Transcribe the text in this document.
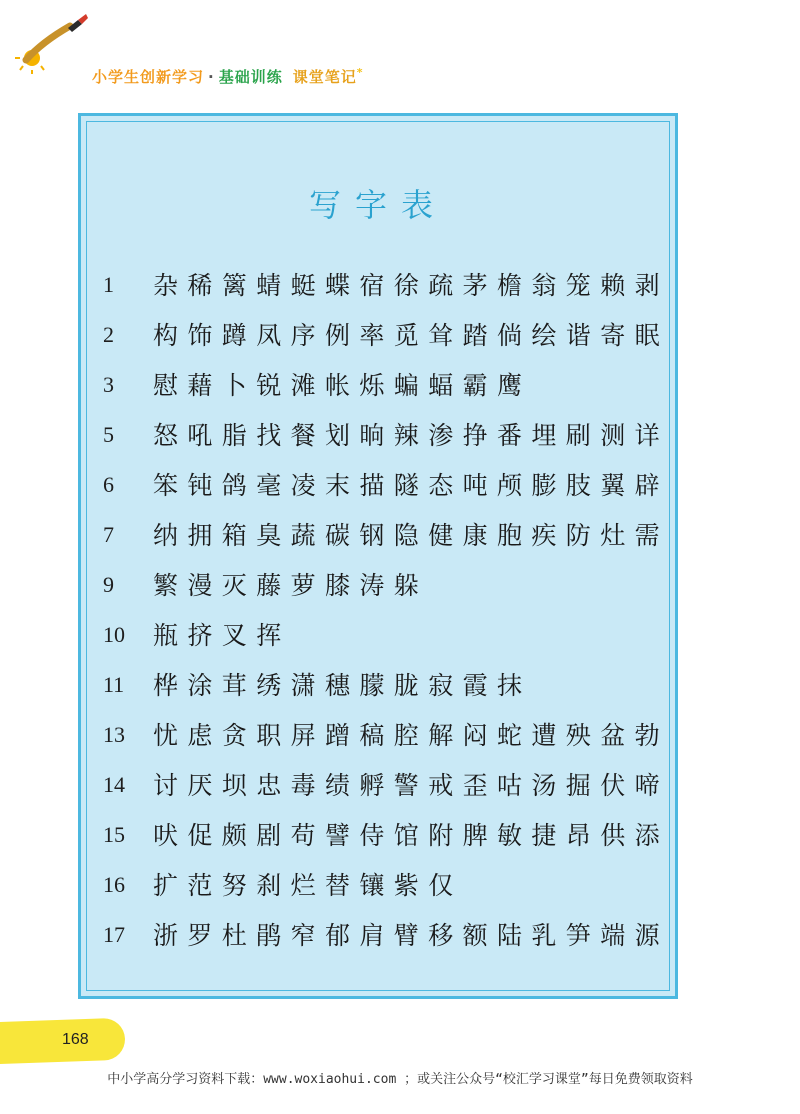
小学生创新学习 · 基础训练 课堂笔记*
写字表
1 杂稀篱蜻蜓蝶宿徐疏茅檐翁笼赖剥
2 构饰蹲凤序例率觅耸踏倘绘谐寄眠
3 慰藉卜锐滩帐烁蝙蝠霸鹰
5 怒吼脂找餐划晌辣渗挣番埋刷测详
6 笨钝鸽毫凌末描隧态吨颅膨肢翼辟
7 纳拥箱臭蔬碳钢隐健康胞疾防灶需
9 繁漫灭藤萝膝涛躲
10 瓶挤叉挥
11 桦涂茸绣潇穗朦胧寂霞抹
13 忧虑贪职屏蹭稿腔解闷蛇遭殃盆勃
14 讨厌坝忠毒绩孵警戒歪咕汤掘伏啼
15 吠促颇剧苟譬侍馆附脾敏捷昂供添
16 扩范努刹烂替镶紫仅
17 浙罗杜鹃窄郁肩臂移额陆乳笋端源
168
中小学高分学习资料下载：www.woxiaohui.com ；或关注公众号“校汇学习课堂”每日免费领取资料
